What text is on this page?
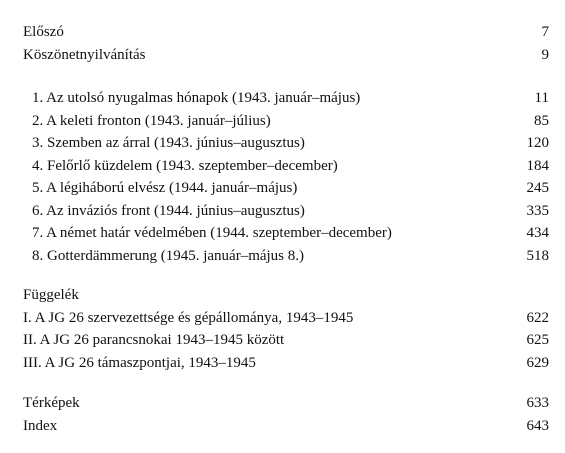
Előszó	7
Köszönetnyilvánítás	9
1. Az utolsó nyugalmas hónapok (1943. január–május)	11
2. A keleti fronton (1943. január–július)	85
3. Szemben az árral (1943. június–augusztus)	120
4. Felőrlő küzdelem (1943. szeptember–december)	184
5. A légiháború elvész (1944. január–május)	245
6. Az inváziós front (1944. június–augusztus)	335
7. A német határ védelmében (1944. szeptember–december)	434
8. Gotterdämmerung (1945. január–május 8.)	518
Függelék
I. A JG 26 szervezettsége és gépállománya, 1943–1945	622
II. A JG 26 parancsnokai 1943–1945 között	625
III. A JG 26 támaszpontjai, 1943–1945	629
Térképek	633
Index	643
